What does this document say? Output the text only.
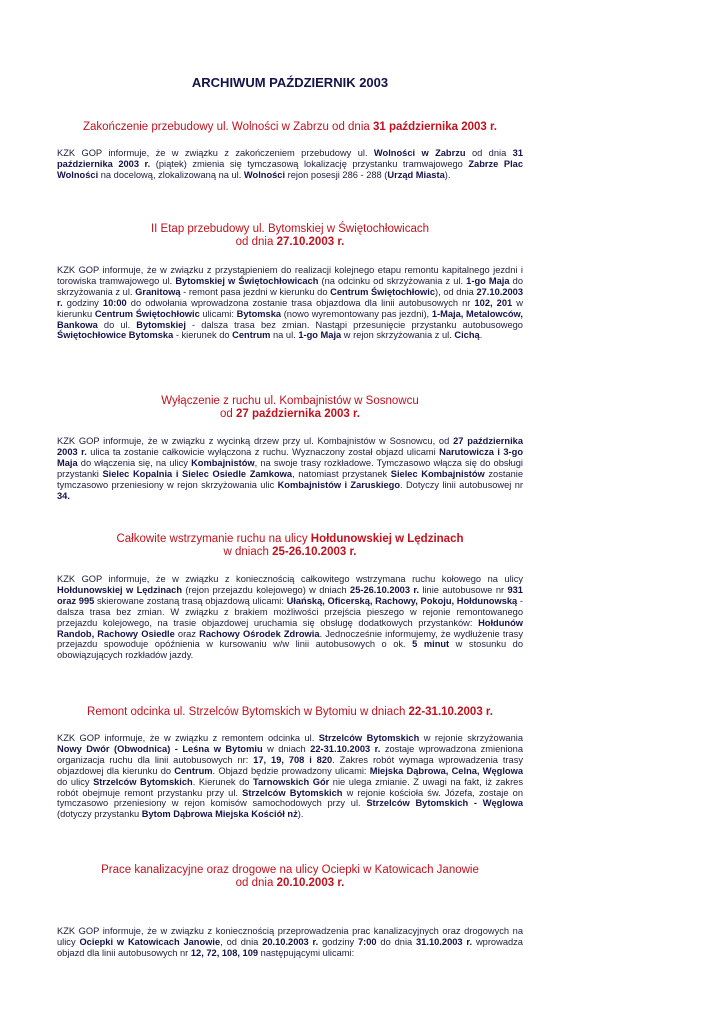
ARCHIWUM PAŹDZIERNIK 2003
Zakończenie przebudowy ul. Wolności w Zabrzu od dnia 31 października 2003 r.
KZK GOP informuje, że w związku z zakończeniem przebudowy ul. Wolności w Zabrzu od dnia 31 października 2003 r. (piątek) zmienia się tymczasową lokalizację przystanku tramwajowego Zabrze Plac Wolności na docelową, zlokalizowaną na ul. Wolności rejon posesji 286 - 288 (Urząd Miasta).
II Etap przebudowy ul. Bytomskiej w Świętochłowicach
od dnia 27.10.2003 r.
KZK GOP informuje, że w związku z przystąpieniem do realizacji kolejnego etapu remontu kapitalnego jezdni i torowiska tramwajowego ul. Bytomskiej w Świętochłowicach (na odcinku od skrzyżowania z ul. 1-go Maja do skrzyżowania z ul. Granitową - remont pasa jezdni w kierunku do Centrum Świętochłowic), od dnia 27.10.2003 r. godziny 10:00 do odwołania wprowadzona zostanie trasa objazdowa dla linii autobusowych nr 102, 201 w kierunku Centrum Świętochłowic ulicami: Bytomska (nowo wyremontowany pas jezdni), 1-Maja, Metalowców, Bankowa do ul. Bytomskiej - dalsza trasa bez zmian. Nastąpi przesunięcie przystanku autobusowego Świętochłowice Bytomska - kierunek do Centrum na ul. 1-go Maja w rejon skrzyżowania z ul. Cichą.
Wyłączenie z ruchu ul. Kombajnistów w Sosnowcu
od 27 października 2003 r.
KZK GOP informuje, że w związku z wycinką drzew przy ul. Kombajnistów w Sosnowcu, od 27 października 2003 r. ulica ta zostanie całkowicie wyłączona z ruchu. Wyznaczony został objazd ulicami Narutowicza i 3-go Maja do włączenia się, na ulicy Kombajnistów, na swoje trasy rozkładowe. Tymczasowo włącza się do obsługi przystanki Sielec Kopalnia i Sielec Osiedle Zamkowa, natomiast przystanek Sielec Kombajnistów zostanie tymczasowo przeniesiony w rejon skrzyżowania ulic Kombajnistów i Zaruskiego. Dotyczy linii autobusowej nr 34.
Całkowite wstrzymanie ruchu na ulicy Hołdunowskiej w Lędzinach
w dniach 25-26.10.2003 r.
KZK GOP informuje, że w związku z koniecznością całkowitego wstrzymana ruchu kołowego na ulicy Hołdunowskiej w Lędzinach (rejon przejazdu kolejowego) w dniach 25-26.10.2003 r. linie autobusowe nr 931 oraz 995 skierowane zostaną trasą objazdową ulicami: Ułańską, Oficerską, Rachowy, Pokoju, Hołdunowską - dalsza trasa bez zmian. W związku z brakiem możliwości przejścia pieszego w rejonie remontowanego przejazdu kolejowego, na trasie objazdowej uruchamia się obsługę dodatkowych przystanków: Hołdunów Randob, Rachowy Osiedle oraz Rachowy Ośrodek Zdrowia. Jednocześnie informujemy, że wydłużenie trasy przejazdu spowoduje opóźnienia w kursowaniu w/w linii autobusowych o ok. 5 minut w stosunku do obowiązujących rozkładów jazdy.
Remont odcinka ul. Strzelców Bytomskich w Bytomiu w dniach 22-31.10.2003 r.
KZK GOP informuje, że w związku z remontem odcinka ul. Strzelców Bytomskich w rejonie skrzyżowania Nowy Dwór (Obwodnica) - Leśna w Bytomiu w dniach 22-31.10.2003 r. zostaje wprowadzona zmieniona organizacja ruchu dla linii autobusowych nr: 17, 19, 708 i 820. Zakres robót wymaga wprowadzenia trasy objazdowej dla kierunku do Centrum. Objazd będzie prowadzony ulicami: Miejska Dąbrowa, Celna, Węglowa do ulicy Strzelców Bytomskich. Kierunek do Tarnowskich Gór nie ulega zmianie. Z uwagi na fakt, iż zakres robót obejmuje remont przystanku przy ul. Strzelców Bytomskich w rejonie kościoła św. Józefa, zostaje on tymczasowo przeniesiony w rejon komisów samochodowych przy ul. Strzelców Bytomskich - Węglowa (dotyczy przystanku Bytom Dąbrowa Miejska Kościół nż).
Prace kanalizacyjne oraz drogowe na ulicy Ociepki w Katowicach Janowie
od dnia 20.10.2003 r.
KZK GOP informuje, że w związku z koniecznością przeprowadzenia prac kanalizacyjnych oraz drogowych na ulicy Ociepki w Katowicach Janowie, od dnia 20.10.2003 r. godziny 7:00 do dnia 31.10.2003 r. wprowadza objazd dla linii autobusowych nr 12, 72, 108, 109 następującymi ulicami:
